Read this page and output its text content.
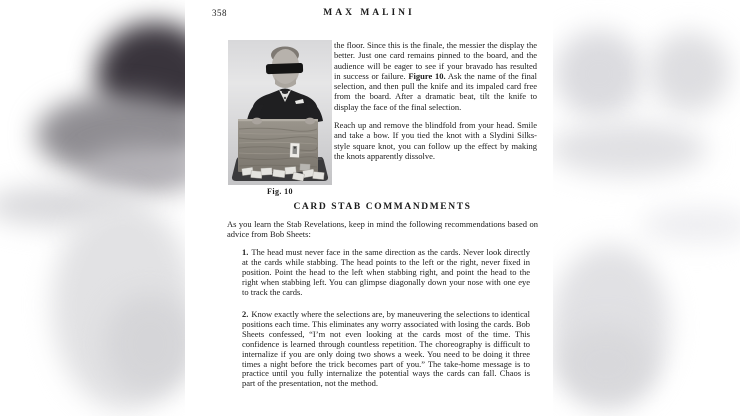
358	MAX MALINI
Fig. 10

the floor. Since this is the finale, the messier the display the better. Just one card remains pinned to the board, and the audience will be eager to see if your bravado has resulted in success or failure. Figure 10. Ask the name of the final selection, and then pull the knife and its impaled card free from the board. After a dramatic beat, tilt the knife to display the face of the final selection.

Reach up and remove the blindfold from your head. Smile and take a bow. If you tied the knot with a Slydini Silks-style square knot, you can follow up the effect by making the knots apparently dissolve.

CARD STAB COMMANDMENTS
As you learn the Stab Revelations, keep in mind the following recommendations based on advice from Bob Sheets:
1. The head must never face in the same direction as the cards. Never look directly at the cards while stabbing. The head points to the left or the right, never fixed in position. Point the head to the left when stabbing right, and point the head to the right when stabbing left. You can glimpse diagonally down your nose with one eye to track the cards.
2. Know exactly where the selections are, by maneuvering the selections to identical positions each time. This eliminates any worry associated with losing the cards. Bob Sheets confessed, “I’m not even looking at the cards most of the time. This confidence is learned through countless repetition. The choreography is difficult to internalize if you are only doing two shows a week. You need to be doing it three times a night before the trick becomes part of you.” The take-home message is to practice until you fully internalize the potential ways the cards can fall. Chaos is part of the presentation, not the method.
